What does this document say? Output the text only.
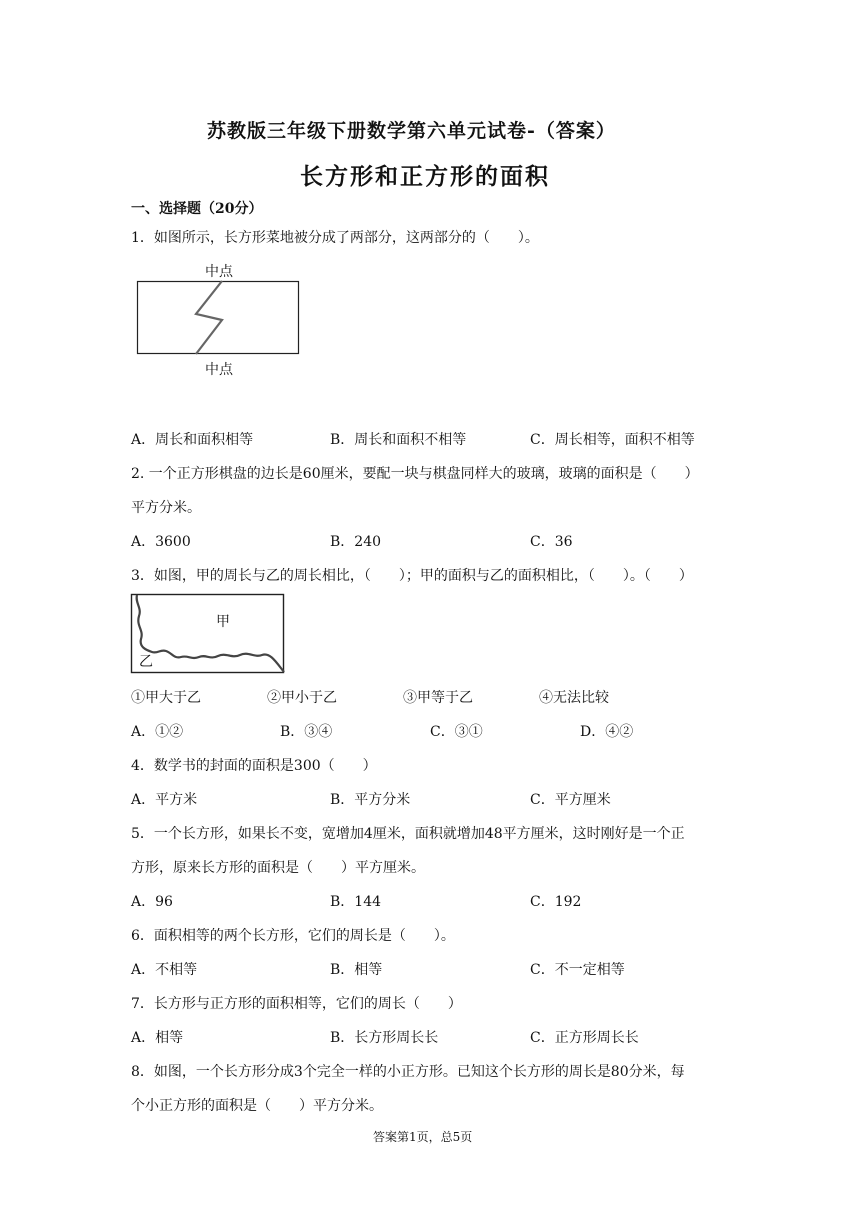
苏教版三年级下册数学第六单元试卷-（答案）
长方形和正方形的面积
一、选择题（20分）
1．如图所示，长方形菜地被分成了两部分，这两部分的（　　）。
中点
中点
A．周长和面积相等	B．周长和面积不相等	C．周长相等，面积不相等
2. 一个正方形棋盘的边长是60厘米，要配一块与棋盘同样大的玻璃，玻璃的面积是（　　）
平方分米。
A．3600	B．240	C．36
3．如图，甲的周长与乙的周长相比，（　　）；甲的面积与乙的面积相比，（　　）。（　　）
甲
乙
①甲大于乙	②甲小于乙	③甲等于乙	④无法比较
A．①②	B．③④	C．③①	D．④②
4．数学书的封面的面积是300（　　）
A．平方米	B．平方分米	C．平方厘米
5．一个长方形，如果长不变，宽增加4厘米，面积就增加48平方厘米，这时刚好是一个正
方形，原来长方形的面积是（　　）平方厘米。
A．96	B．144	C．192
6．面积相等的两个长方形，它们的周长是（　　）。
A．不相等	B．相等	C．不一定相等
7．长方形与正方形的面积相等，它们的周长（　　）
A．相等	B．长方形周长长	C．正方形周长长
8．如图，一个长方形分成3个完全一样的小正方形。已知这个长方形的周长是80分米，每
个小正方形的面积是（　　）平方分米。
答案第1页，总5页
